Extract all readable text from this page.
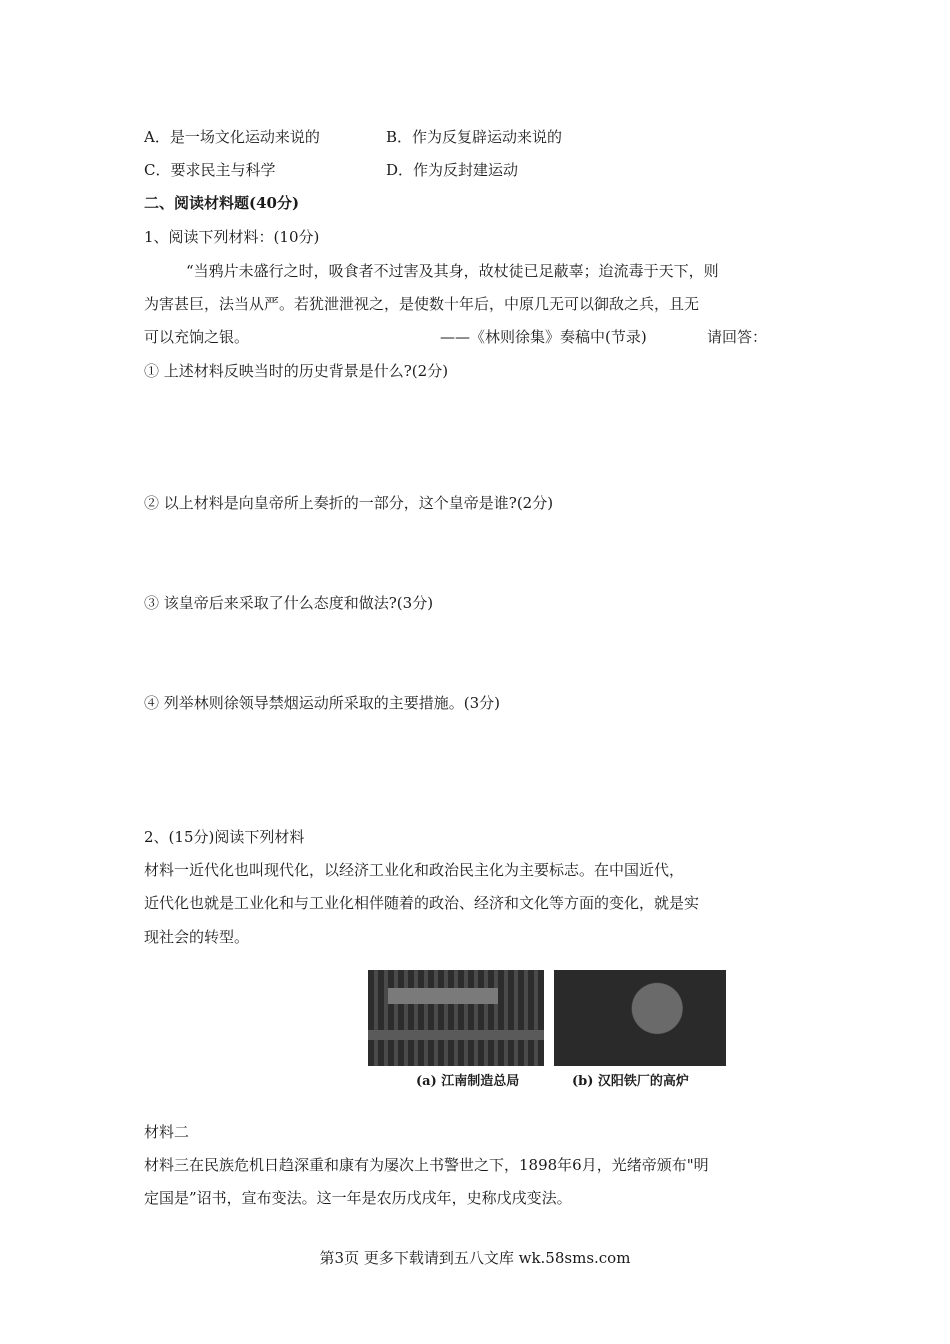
A．是一场文化运动来说的	B．作为反复辟运动来说的
C．要求民主与科学	D．作为反封建运动
二、阅读材料题(40分)
1、阅读下列材料：(10分)
“当鸦片未盛行之时，吸食者不过害及其身，故杖徒已足蔽辜；迨流毒于天下，则
为害甚巨，法当从严。若犹泄泄视之，是使数十年后，中原几无可以御敌之兵，且无
可以充饷之银。	——《林则徐集》奏稿中(节录)	请回答：
① 上述材料反映当时的历史背景是什么?(2分)
② 以上材料是向皇帝所上奏折的一部分，这个皇帝是谁?(2分)
③ 该皇帝后来采取了什么态度和做法?(3分)
④ 列举林则徐领导禁烟运动所采取的主要措施。(3分)
2、(15分)阅读下列材料
材料一近代化也叫现代化，以经济工业化和政治民主化为主要标志。在中国近代，
近代化也就是工业化和与工业化相伴随着的政治、经济和文化等方面的变化，就是实
现社会的转型。
(a) 江南制造总局	(b) 汉阳铁厂的高炉
材料二
材料三在民族危机日趋深重和康有为屡次上书警世之下，1898年6月，光绪帝颁布"明
定国是”诏书，宣布变法。这一年是农历戊戌年，史称戊戌变法。
第3页 更多下载请到五八文库 wk.58sms.com
